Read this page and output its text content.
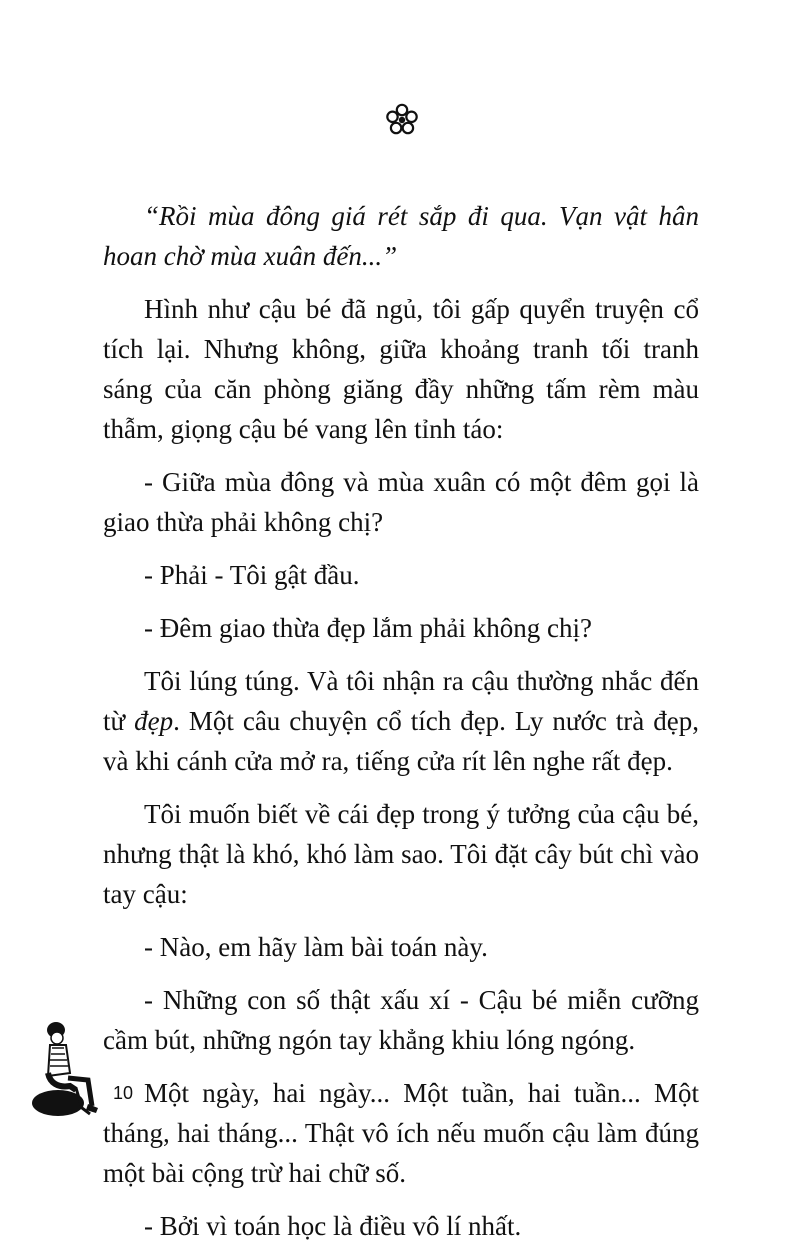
“Rồi mùa đông giá rét sắp đi qua. Vạn vật hân hoan chờ mùa xuân đến...”

Hình như cậu bé đã ngủ, tôi gấp quyển truyện cổ tích lại. Nhưng không, giữa khoảng tranh tối tranh sáng của căn phòng giăng đầy những tấm rèm màu thẫm, giọng cậu bé vang lên tỉnh táo:

- Giữa mùa đông và mùa xuân có một đêm gọi là giao thừa phải không chị?

- Phải - Tôi gật đầu.

- Đêm giao thừa đẹp lắm phải không chị?

Tôi lúng túng. Và tôi nhận ra cậu thường nhắc đến từ đẹp. Một câu chuyện cổ tích đẹp. Ly nước trà đẹp, và khi cánh cửa mở ra, tiếng cửa rít lên nghe rất đẹp.

Tôi muốn biết về cái đẹp trong ý tưởng của cậu bé, nhưng thật là khó, khó làm sao. Tôi đặt cây bút chì vào tay cậu:

- Nào, em hãy làm bài toán này.

- Những con số thật xấu xí - Cậu bé miễn cưỡng cầm bút, những ngón tay khẳng khiu lóng ngóng.

Một ngày, hai ngày... Một tuần, hai tuần... Một tháng, hai tháng... Thật vô ích nếu muốn cậu làm đúng một bài cộng trừ hai chữ số.

- Bởi vì toán học là điều vô lí nhất.

10
